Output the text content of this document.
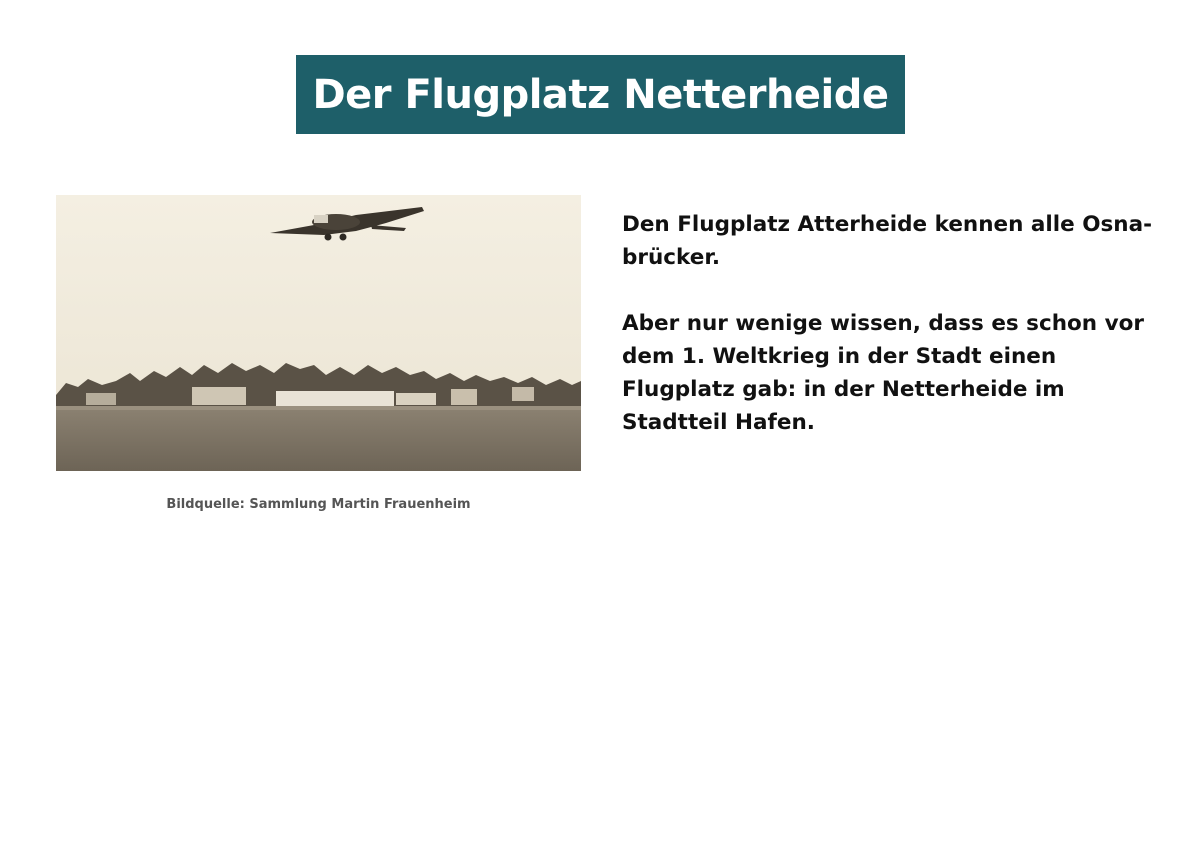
Der Flugplatz Netterheide
Bildquelle: Sammlung Martin Frauenheim

Den Flugplatz Atterheide kennen alle Osna-brücker.

Aber nur wenige wissen, dass es schon vor dem 1. Weltkrieg in der Stadt einen Flugplatz gab: in der Netterheide im Stadtteil Hafen.
